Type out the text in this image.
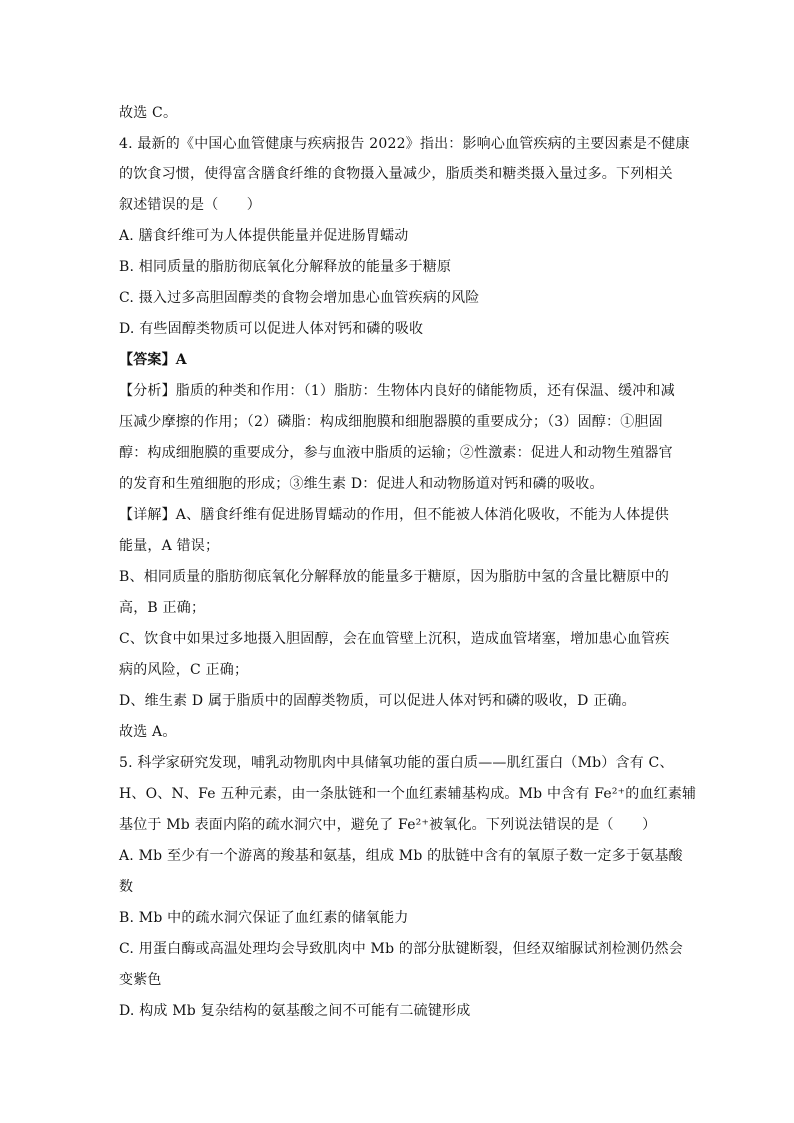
故选 C。
4. 最新的《中国心血管健康与疾病报告 2022》指出：影响心血管疾病的主要因素是不健康
的饮食习惯，使得富含膳食纤维的食物摄入量减少，脂质类和糖类摄入量过多。下列相关
叙述错误的是（　　）
A. 膳食纤维可为人体提供能量并促进肠胃蠕动
B. 相同质量的脂肪彻底氧化分解释放的能量多于糖原
C. 摄入过多高胆固醇类的食物会增加患心血管疾病的风险
D. 有些固醇类物质可以促进人体对钙和磷的吸收
【答案】A
【分析】脂质的种类和作用：（1）脂肪：生物体内良好的储能物质，还有保温、缓冲和减
压减少摩擦的作用；（2）磷脂：构成细胞膜和细胞器膜的重要成分；（3）固醇：①胆固
醇：构成细胞膜的重要成分，参与血液中脂质的运输；②性激素：促进人和动物生殖器官
的发育和生殖细胞的形成；③维生素 D：促进人和动物肠道对钙和磷的吸收。
【详解】A、膳食纤维有促进肠胃蠕动的作用，但不能被人体消化吸收，不能为人体提供
能量，A 错误；
B、相同质量的脂肪彻底氧化分解释放的能量多于糖原，因为脂肪中氢的含量比糖原中的
高，B 正确；
C、饮食中如果过多地摄入胆固醇，会在血管壁上沉积，造成血管堵塞，增加患心血管疾
病的风险，C 正确；
D、维生素 D 属于脂质中的固醇类物质，可以促进人体对钙和磷的吸收，D 正确。
故选 A。
5. 科学家研究发现，哺乳动物肌肉中具储氧功能的蛋白质——肌红蛋白（Mb）含有 C、
H、O、N、Fe 五种元素，由一条肽链和一个血红素辅基构成。Mb 中含有 Fe²⁺的血红素辅
基位于 Mb 表面内陷的疏水洞穴中，避免了 Fe²⁺被氧化。下列说法错误的是（　　）
A. Mb 至少有一个游离的羧基和氨基，组成 Mb 的肽链中含有的氧原子数一定多于氨基酸
数
B. Mb 中的疏水洞穴保证了血红素的储氧能力
C. 用蛋白酶或高温处理均会导致肌肉中 Mb 的部分肽键断裂，但经双缩脲试剂检测仍然会
变紫色
D. 构成 Mb 复杂结构的氨基酸之间不可能有二硫键形成
